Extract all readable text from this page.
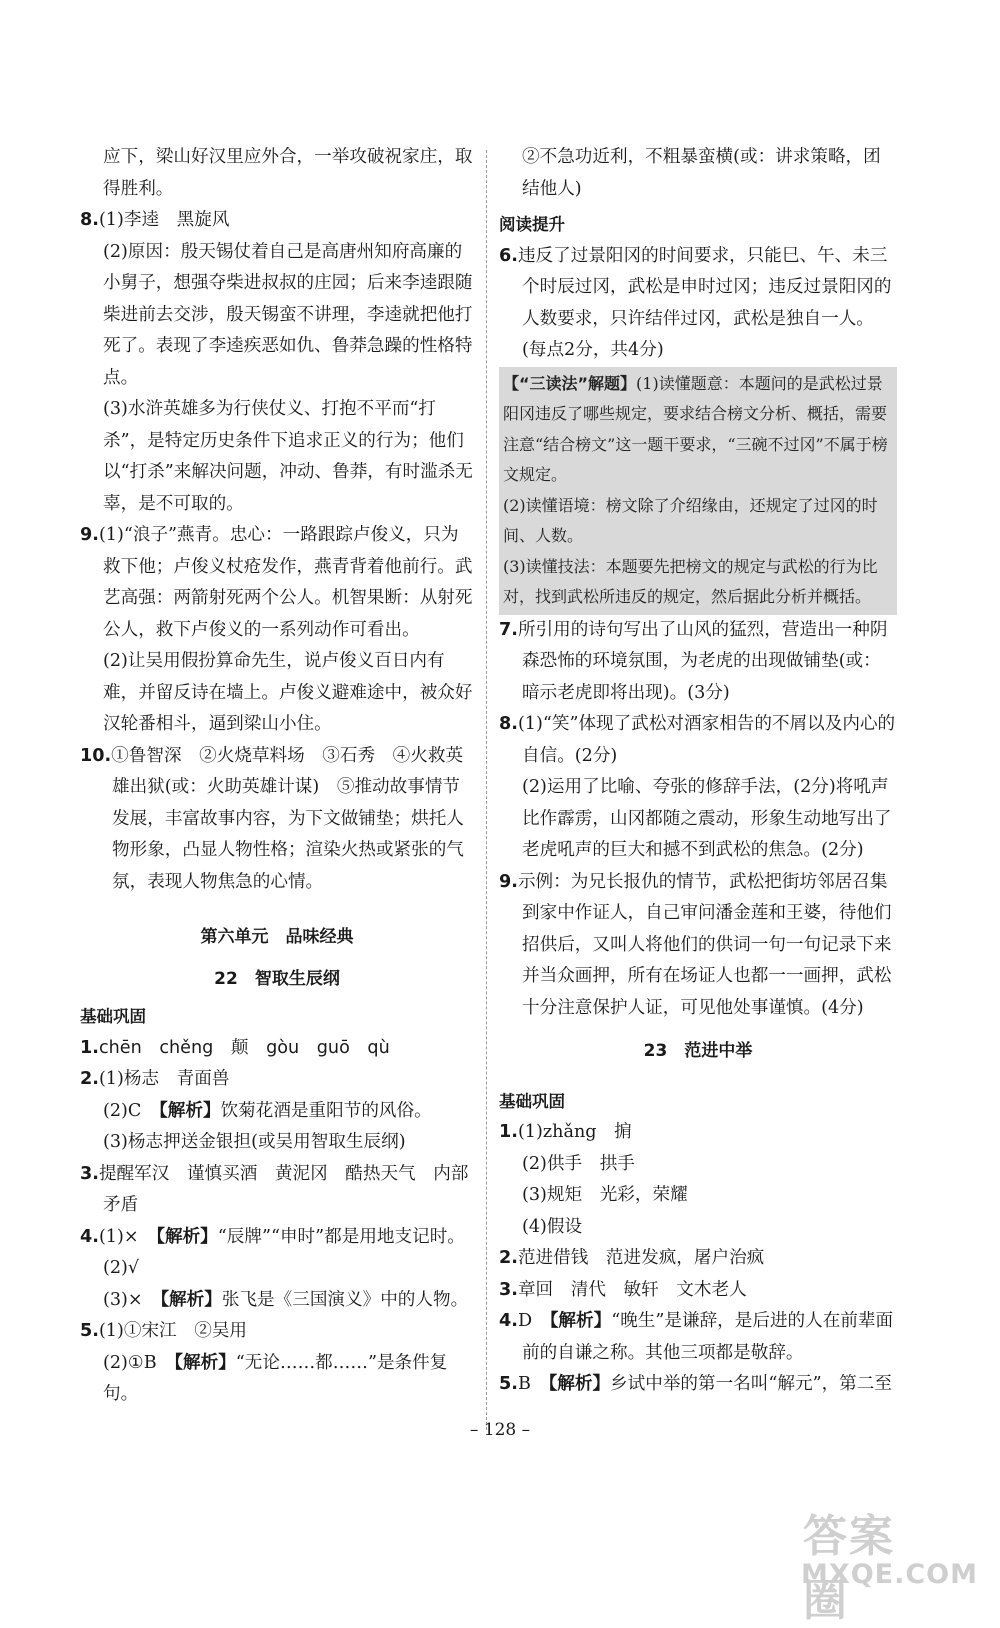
应下，梁山好汉里应外合，一举攻破祝家庄，取得胜利。

8.(1)李逵　黑旋风

(2)原因：殷天锡仗着自己是高唐州知府高廉的小舅子，想强夺柴进叔叔的庄园；后来李逵跟随柴进前去交涉，殷天锡蛮不讲理，李逵就把他打死了。表现了李逵疾恶如仇、鲁莽急躁的性格特点。

(3)水浒英雄多为行侠仗义、打抱不平而“打杀”，是特定历史条件下追求正义的行为；他们以“打杀”来解决问题，冲动、鲁莽，有时滥杀无辜，是不可取的。

9.(1)“浪子”燕青。忠心：一路跟踪卢俊义，只为救下他；卢俊义杖疮发作，燕青背着他前行。武艺高强：两箭射死两个公人。机智果断：从射死公人，救下卢俊义的一系列动作可看出。

(2)让吴用假扮算命先生，说卢俊义百日内有难，并留反诗在墙上。卢俊义避难途中，被众好汉轮番相斗，逼到梁山小住。

10.①鲁智深　②火烧草料场　③石秀　④火救英雄出狱(或：火助英雄计谋)　⑤推动故事情节发展，丰富故事内容，为下文做铺垫；烘托人物形象，凸显人物性格；渲染火热或紧张的气氛，表现人物焦急的心情。

第六单元　品味经典
22　智取生辰纲

基础巩固

1.chēn　chěng　颠　gòu　guō　qù

2.(1)杨志　青面兽

(2)C　【解析】饮菊花酒是重阳节的风俗。

(3)杨志押送金银担(或吴用智取生辰纲)

3.提醒军汉　谨慎买酒　黄泥冈　酷热天气　内部矛盾

4.(1)×　【解析】“辰牌”“申时”都是用地支记时。

(2)√

(3)×　【解析】张飞是《三国演义》中的人物。

5.(1)①宋江　②吴用

(2)①B　【解析】“无论……都……”是条件复句。

②不急功近利，不粗暴蛮横(或：讲求策略，团结他人)

阅读提升

6.违反了过景阳冈的时间要求，只能巳、午、未三个时辰过冈，武松是申时过冈；违反过景阳冈的人数要求，只许结伴过冈，武松是独自一人。(每点2分，共4分)

【“三读法”解题】(1)读懂题意：本题问的是武松过景阳冈违反了哪些规定，要求结合榜文分析、概括，需要注意“结合榜文”这一题干要求，“三碗不过冈”不属于榜文规定。

(2)读懂语境：榜文除了介绍缘由，还规定了过冈的时间、人数。

(3)读懂技法：本题要先把榜文的规定与武松的行为比对，找到武松所违反的规定，然后据此分析并概括。

7.所引用的诗句写出了山风的猛烈，营造出一种阴森恐怖的环境氛围，为老虎的出现做铺垫(或：暗示老虎即将出现)。(3分)

8.(1)“笑”体现了武松对酒家相告的不屑以及内心的自信。(2分)

(2)运用了比喻、夸张的修辞手法，(2分)将吼声比作霹雳，山冈都随之震动，形象生动地写出了老虎吼声的巨大和撼不到武松的焦急。(2分)

9.示例：为兄长报仇的情节，武松把街坊邻居召集到家中作证人，自己审问潘金莲和王婆，待他们招供后，又叫人将他们的供词一句一句记录下来并当众画押，所有在场证人也都一一画押，武松十分注意保护人证，可见他处事谨慎。(4分)

23　范进中举

基础巩固

1.(1)zhǎng　掮

(2)供手　拱手

(3)规矩　光彩，荣耀

(4)假设

2.范进借钱　范进发疯，屠户治疯

3.章回　清代　敏轩　文木老人

4.D　【解析】“晚生”是谦辞，是后进的人在前辈面前的自谦之称。其他三项都是敬辞。

5.B　【解析】乡试中举的第一名叫“解元”，第二至

– 128 –
答案圈
MXQE.COM
